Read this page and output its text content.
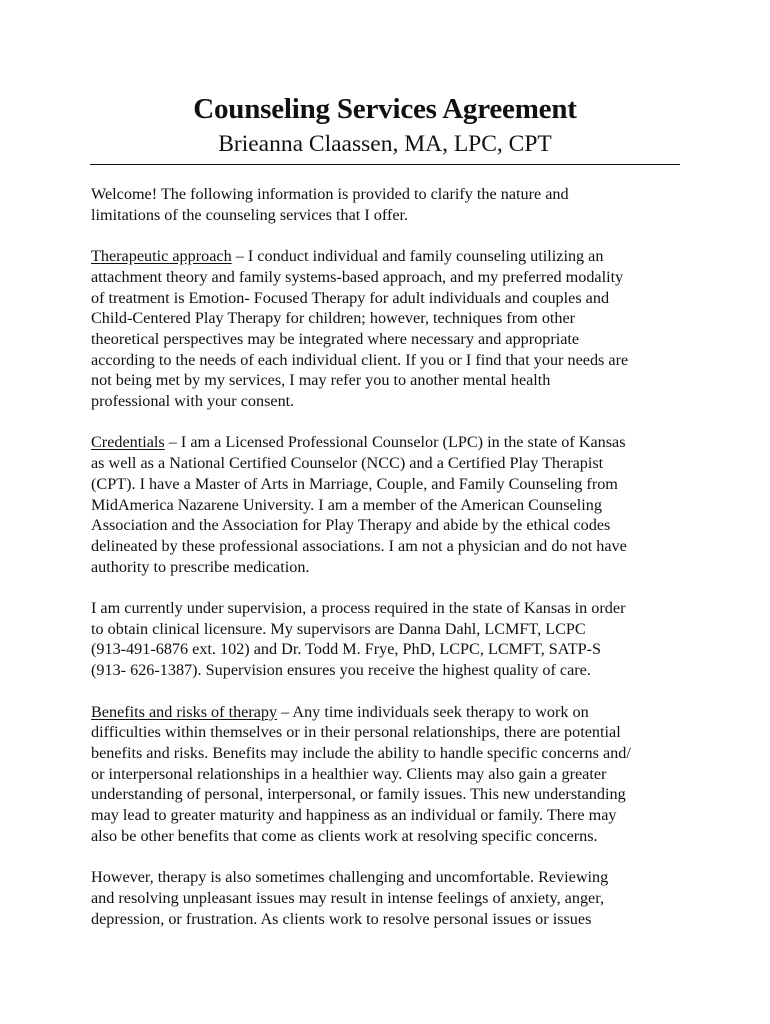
Counseling Services Agreement
Brieanna Claassen, MA, LPC, CPT
Welcome! The following information is provided to clarify the nature and
limitations of the counseling services that I offer.
Therapeutic approach – I conduct individual and family counseling utilizing an
attachment theory and family systems-based approach, and my preferred modality
of treatment is Emotion- Focused Therapy for adult individuals and couples and
Child-Centered Play Therapy for children; however, techniques from other
theoretical perspectives may be integrated where necessary and appropriate
according to the needs of each individual client. If you or I find that your needs are
not being met by my services, I may refer you to another mental health
professional with your consent.
Credentials – I am a Licensed Professional Counselor (LPC) in the state of Kansas
as well as a National Certified Counselor (NCC) and a Certified Play Therapist
(CPT). I have a Master of Arts in Marriage, Couple, and Family Counseling from
MidAmerica Nazarene University. I am a member of the American Counseling
Association and the Association for Play Therapy and abide by the ethical codes
delineated by these professional associations. I am not a physician and do not have
authority to prescribe medication.
I am currently under supervision, a process required in the state of Kansas in order
to obtain clinical licensure. My supervisors are Danna Dahl, LCMFT, LCPC
(913-491-6876 ext. 102) and Dr. Todd M. Frye, PhD, LCPC, LCMFT, SATP-S
(913- 626-1387). Supervision ensures you receive the highest quality of care.
Benefits and risks of therapy – Any time individuals seek therapy to work on
difficulties within themselves or in their personal relationships, there are potential
benefits and risks. Benefits may include the ability to handle specific concerns and/
or interpersonal relationships in a healthier way. Clients may also gain a greater
understanding of personal, interpersonal, or family issues. This new understanding
may lead to greater maturity and happiness as an individual or family. There may
also be other benefits that come as clients work at resolving specific concerns.
However, therapy is also sometimes challenging and uncomfortable. Reviewing
and resolving unpleasant issues may result in intense feelings of anxiety, anger,
depression, or frustration. As clients work to resolve personal issues or issues
